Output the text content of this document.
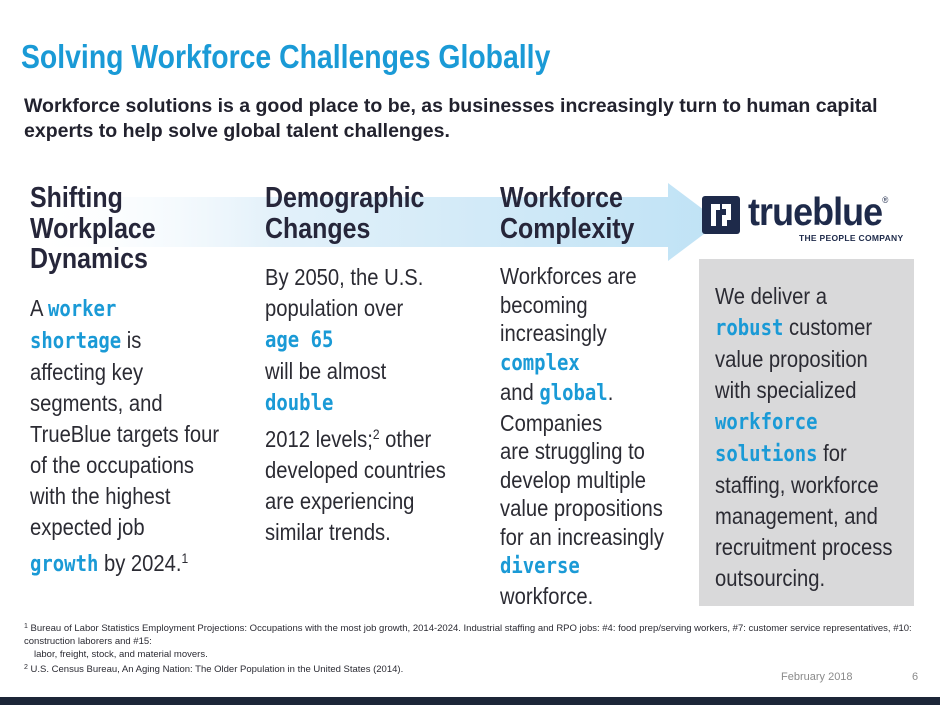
Solving Workforce Challenges Globally
Workforce solutions is a good place to be, as businesses increasingly turn to human capital experts to help solve global talent challenges.
Shifting
Workplace
Dynamics
A worker
shortage is
affecting key
segments, and
TrueBlue targets four
of the occupations
with the highest
expected job
growth by 2024.$^1$
Demographic
Changes
By 2050, the U.S.
population over
age 65
will be almost
double
2012 levels;$^2$ other
developed countries
are experiencing
similar trends.
Workforce
Complexity
Workforces are
becoming
increasingly
complex
and global.
Companies
are struggling to
develop multiple
value propositions
for an increasingly
diverse
workforce.
trueblue®
THE PEOPLE COMPANY
We deliver a
robust customer
value proposition
with specialized
workforce
solutions for
staffing, workforce
management, and
recruitment process
outsourcing.
$^1$ Bureau of Labor Statistics Employment Projections: Occupations with the most job growth, 2014-2024. Industrial staffing and RPO jobs: #4: food prep/serving workers, #7: customer service representatives, #10: construction laborers and #15:
labor, freight, stock, and material movers.
$^2$ U.S. Census Bureau, An Aging Nation: The Older Population in the United States (2014).
February 2018	6
